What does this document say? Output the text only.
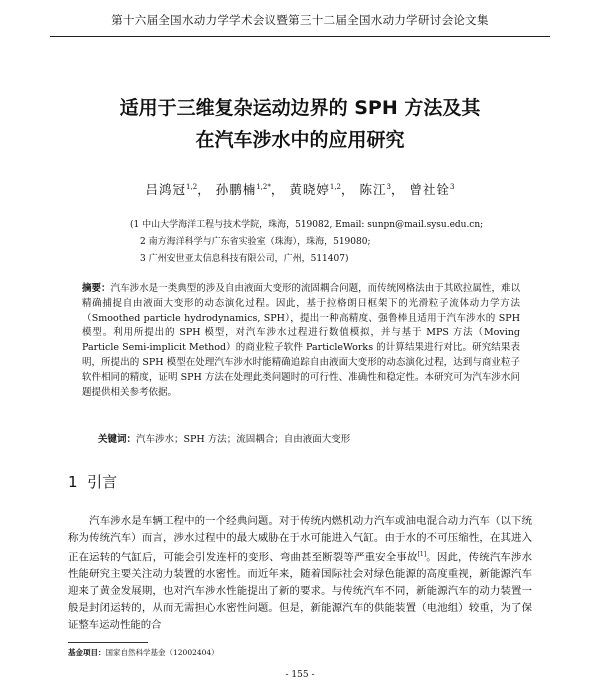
第十六届全国水动力学学术会议暨第三十二届全国水动力学研讨会论文集
适用于三维复杂运动边界的 SPH 方法及其
在汽车涉水中的应用研究
吕鸿冠$^{1,2}$， 孙鹏楠$^{1,2*}$， 黄晓婷$^{1,2}$， 陈江$^3$， 曾社铨$^3$
(1 中山大学海洋工程与技术学院，珠海，519082, Email: sunpn@mail.sysu.edu.cn;
2 南方海洋科学与广东省实验室（珠海），珠海，519080;
3 广州安世亚太信息科技有限公司，广州，511407)
摘要：汽车涉水是一类典型的涉及自由液面大变形的流固耦合问题，而传统网格法由于其欧拉属性，难以精确捕捉自由液面大变形的动态演化过程。因此，基于拉格朗日框架下的光滑粒子流体动力学方法（Smoothed particle hydrodynamics, SPH），提出一种高精度、强鲁棒且适用于汽车涉水的 SPH 模型。利用所提出的 SPH 模型，对汽车涉水过程进行数值模拟，并与基于 MPS 方法（Moving Particle Semi-implicit Method）的商业粒子软件 ParticleWorks 的计算结果进行对比。研究结果表明，所提出的 SPH 模型在处理汽车涉水时能精确追踪自由液面大变形的动态演化过程，达到与商业粒子软件相同的精度，证明 SPH 方法在处理此类问题时的可行性、准确性和稳定性。本研究可为汽车涉水问题提供相关参考依据。
关键词：汽车涉水；SPH 方法；流固耦合；自由液面大变形
1 引言
汽车涉水是车辆工程中的一个经典问题。对于传统内燃机动力汽车或油电混合动力汽车（以下统称为传统汽车）而言，涉水过程中的最大威胁在于水可能进入气缸。由于水的不可压缩性，在其进入正在运转的气缸后，可能会引发连杆的变形、弯曲甚至断裂等严重安全事故[1]。因此，传统汽车涉水性能研究主要关注动力装置的水密性。而近年来，随着国际社会对绿色能源的高度重视，新能源汽车迎来了黄金发展期，也对汽车涉水性能提出了新的要求。与传统汽车不同，新能源汽车的动力装置一般是封闭运转的，从而无需担心水密性问题。但是，新能源汽车的供能装置（电池组）较重，为了保证整车运动性能的合
基金项目：国家自然科学基金（12002404）
- 155 -
